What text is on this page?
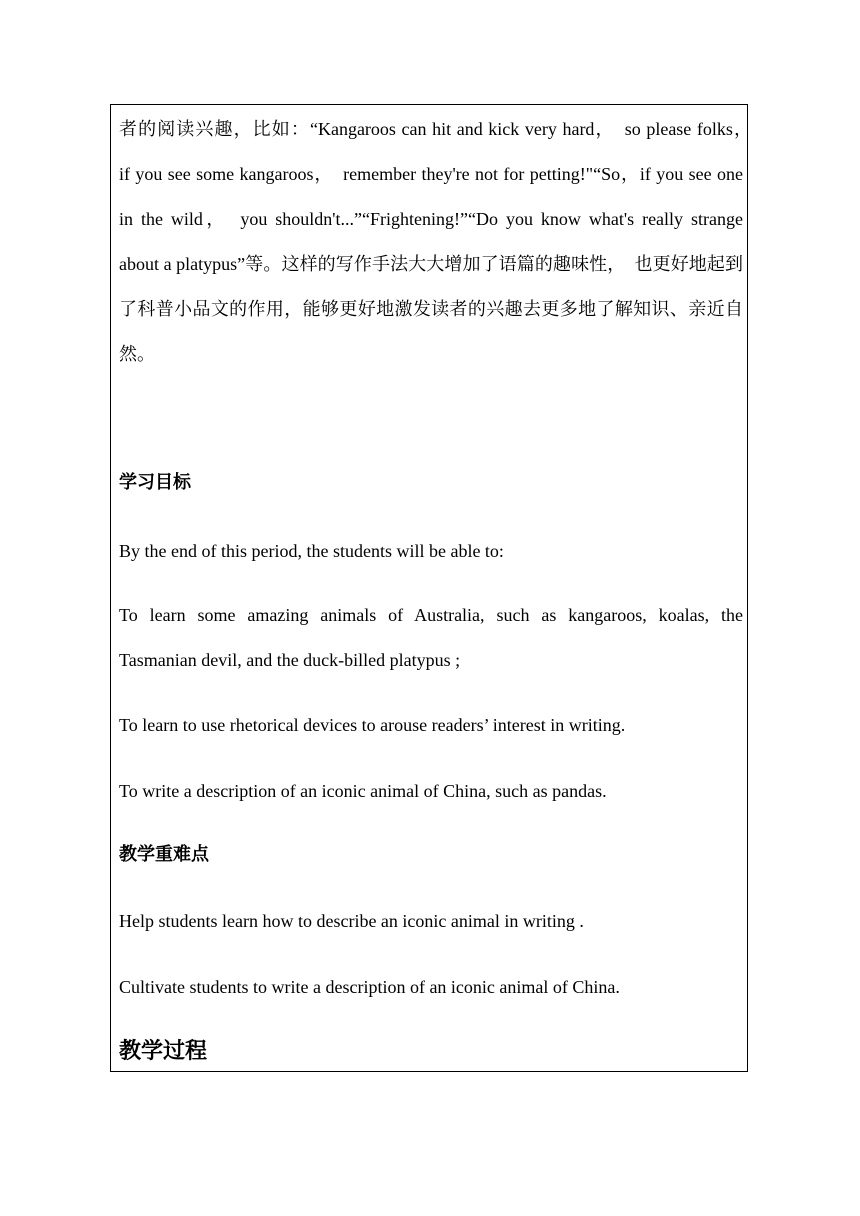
者的阅读兴趣，比如：“Kangaroos can hit and kick very hard，　so please folks，　if you see some kangaroos，　remember they're not for petting!"“So，if you see one in the wild，　you shouldn't...”“Frightening!”“Do you know what's really strange about a platypus”等。这样的写作手法大大增加了语篇的趣味性，　也更好地起到了科普小品文的作用，能够更好地激发读者的兴趣去更多地了解知识、亲近自然。

学习目标

By the end of this period, the students will be able to:

To learn some amazing animals of Australia, such as kangaroos, koalas, the Tasmanian devil, and the duck-billed platypus ;

To learn to use rhetorical devices to arouse readers’ interest in writing.

To write a description of an iconic animal of China, such as pandas.

教学重难点

Help students learn how to describe an iconic animal in writing .

Cultivate students to write a description of an iconic animal of China.

教学过程
